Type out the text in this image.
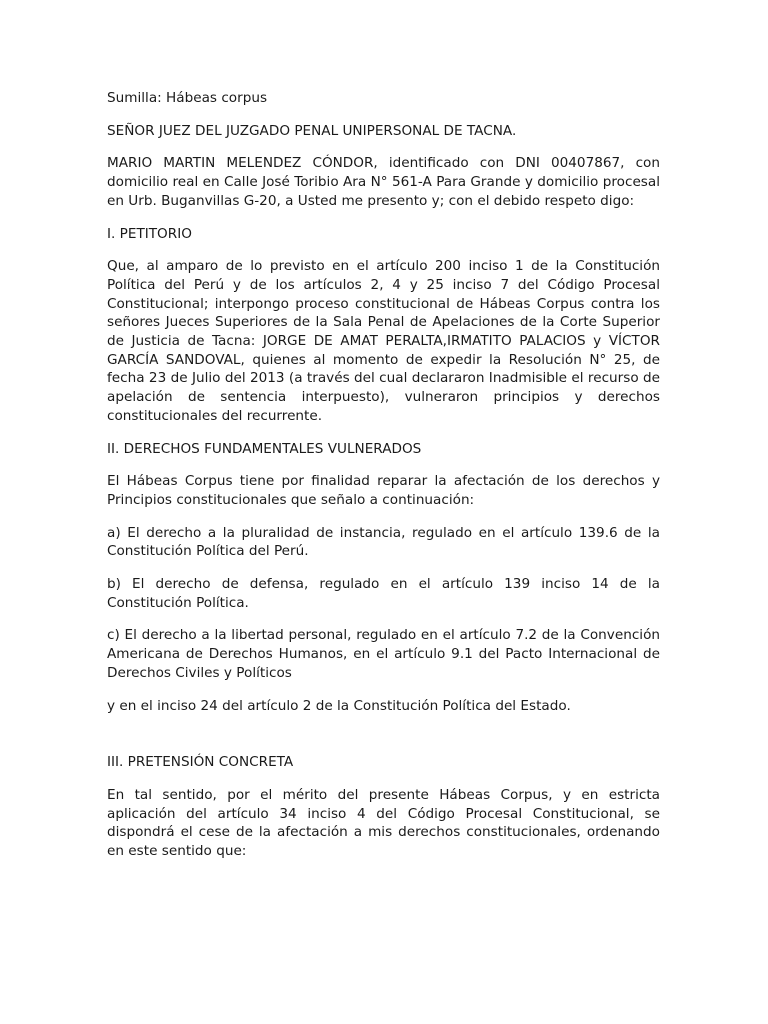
Sumilla: Hábeas corpus

SEÑOR JUEZ DEL JUZGADO PENAL UNIPERSONAL DE TACNA.

MARIO MARTIN MELENDEZ CÓNDOR, identificado con DNI 00407867, con domicilio real en Calle José Toribio Ara N° 561-A Para Grande y domicilio procesal en Urb. Buganvillas G-20, a Usted me presento y; con el debido respeto digo:

I. PETITORIO

Que, al amparo de lo previsto en el artículo 200 inciso 1 de la Constitución Política del Perú y de los artículos 2, 4 y 25 inciso 7 del Código Procesal Constitucional; interpongo proceso constitucional de Hábeas Corpus contra los señores Jueces Superiores de la Sala Penal de Apelaciones de la Corte Superior de Justicia de Tacna: JORGE DE AMAT PERALTA,IRMATITO PALACIOS y VÍCTOR GARCÍA SANDOVAL, quienes al momento de expedir la Resolución N° 25, de fecha 23 de Julio del 2013 (a través del cual declararon Inadmisible el recurso de apelación de sentencia interpuesto), vulneraron principios y derechos constitucionales del recurrente.

II. DERECHOS FUNDAMENTALES VULNERADOS

El Hábeas Corpus tiene por finalidad reparar la afectación de los derechos y Principios constitucionales que señalo a continuación:

a) El derecho a la pluralidad de instancia, regulado en el artículo 139.6 de la Constitución Política del Perú.

b) El derecho de defensa, regulado en el artículo 139 inciso 14 de la Constitución Política.

c) El derecho a la libertad personal, regulado en el artículo 7.2 de la Convención Americana de Derechos Humanos, en el artículo 9.1 del Pacto Internacional de Derechos Civiles y Políticos

y en el inciso 24 del artículo 2 de la Constitución Política del Estado.

III. PRETENSIÓN CONCRETA

En tal sentido, por el mérito del presente Hábeas Corpus, y en estricta aplicación del artículo 34 inciso 4 del Código Procesal Constitucional, se dispondrá el cese de la afectación a mis derechos constitucionales, ordenando en este sentido que:
